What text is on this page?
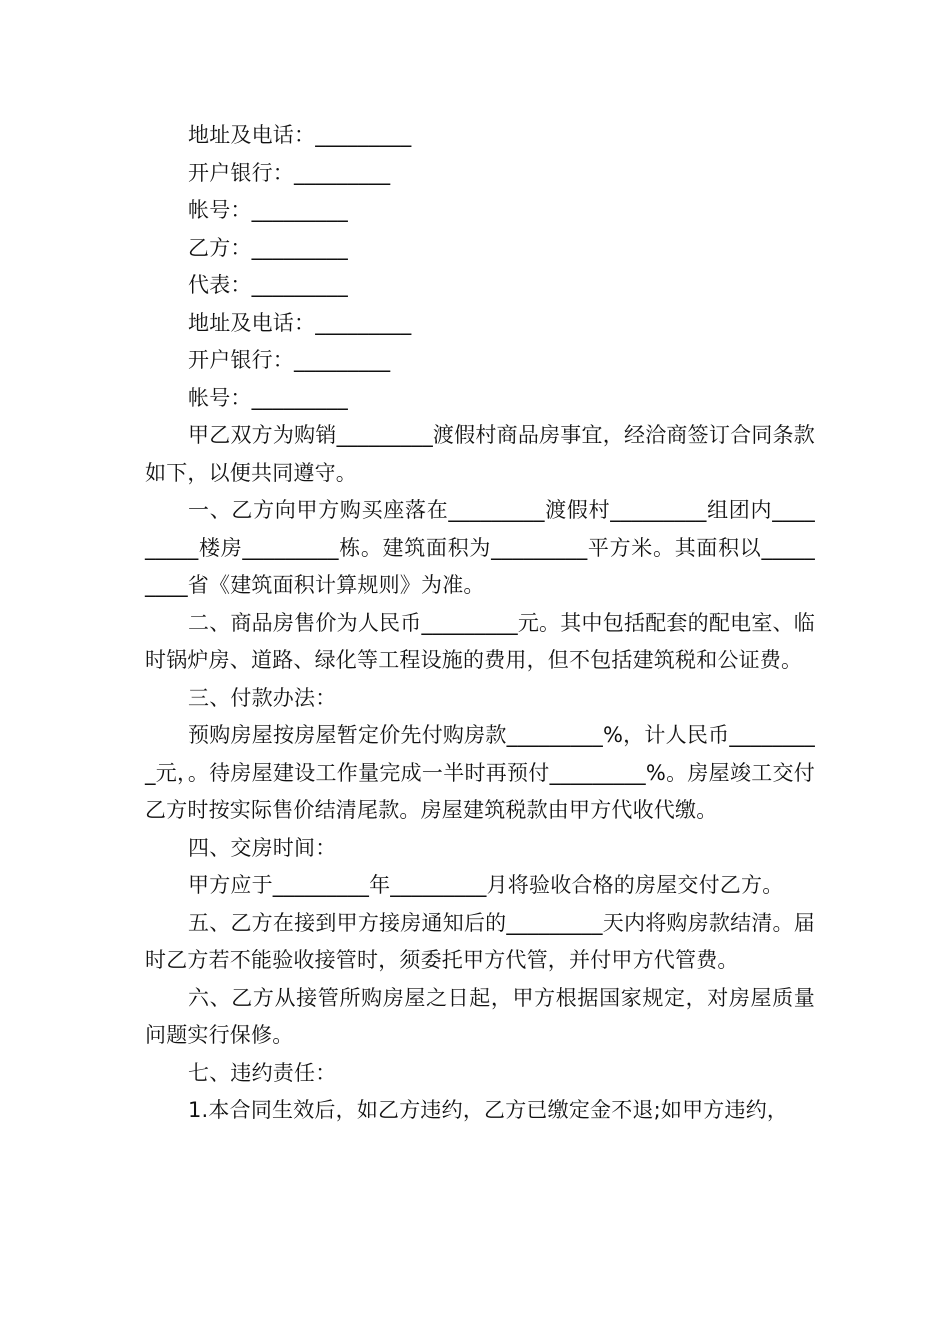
地址及电话：_________

开户银行：_________

帐号：_________

乙方：_________

代表：_________

地址及电话：_________

开户银行：_________

帐号：_________

甲乙双方为购销_________渡假村商品房事宜，经洽商签订合同条款如下，以便共同遵守。

一、乙方向甲方购买座落在_________渡假村_________组团内_________楼房_________栋。建筑面积为_________平方米。其面积以_________省《建筑面积计算规则》为准。

二、商品房售价为人民币_________元。其中包括配套的配电室、临时锅炉房、道路、绿化等工程设施的费用，但不包括建筑税和公证费。

三、付款办法：

预购房屋按房屋暂定价先付购房款_________%，计人民币_________元，。待房屋建设工作量完成一半时再预付_________%。房屋竣工交付乙方时按实际售价结清尾款。房屋建筑税款由甲方代收代缴。

四、交房时间：

甲方应于_________年_________月将验收合格的房屋交付乙方。

五、乙方在接到甲方接房通知后的_________天内将购房款结清。届时乙方若不能验收接管时，须委托甲方代管，并付甲方代管费。

六、乙方从接管所购房屋之日起，甲方根据国家规定，对房屋质量问题实行保修。

七、违约责任：

1.本合同生效后，如乙方违约，乙方已缴定金不退;如甲方违约，
